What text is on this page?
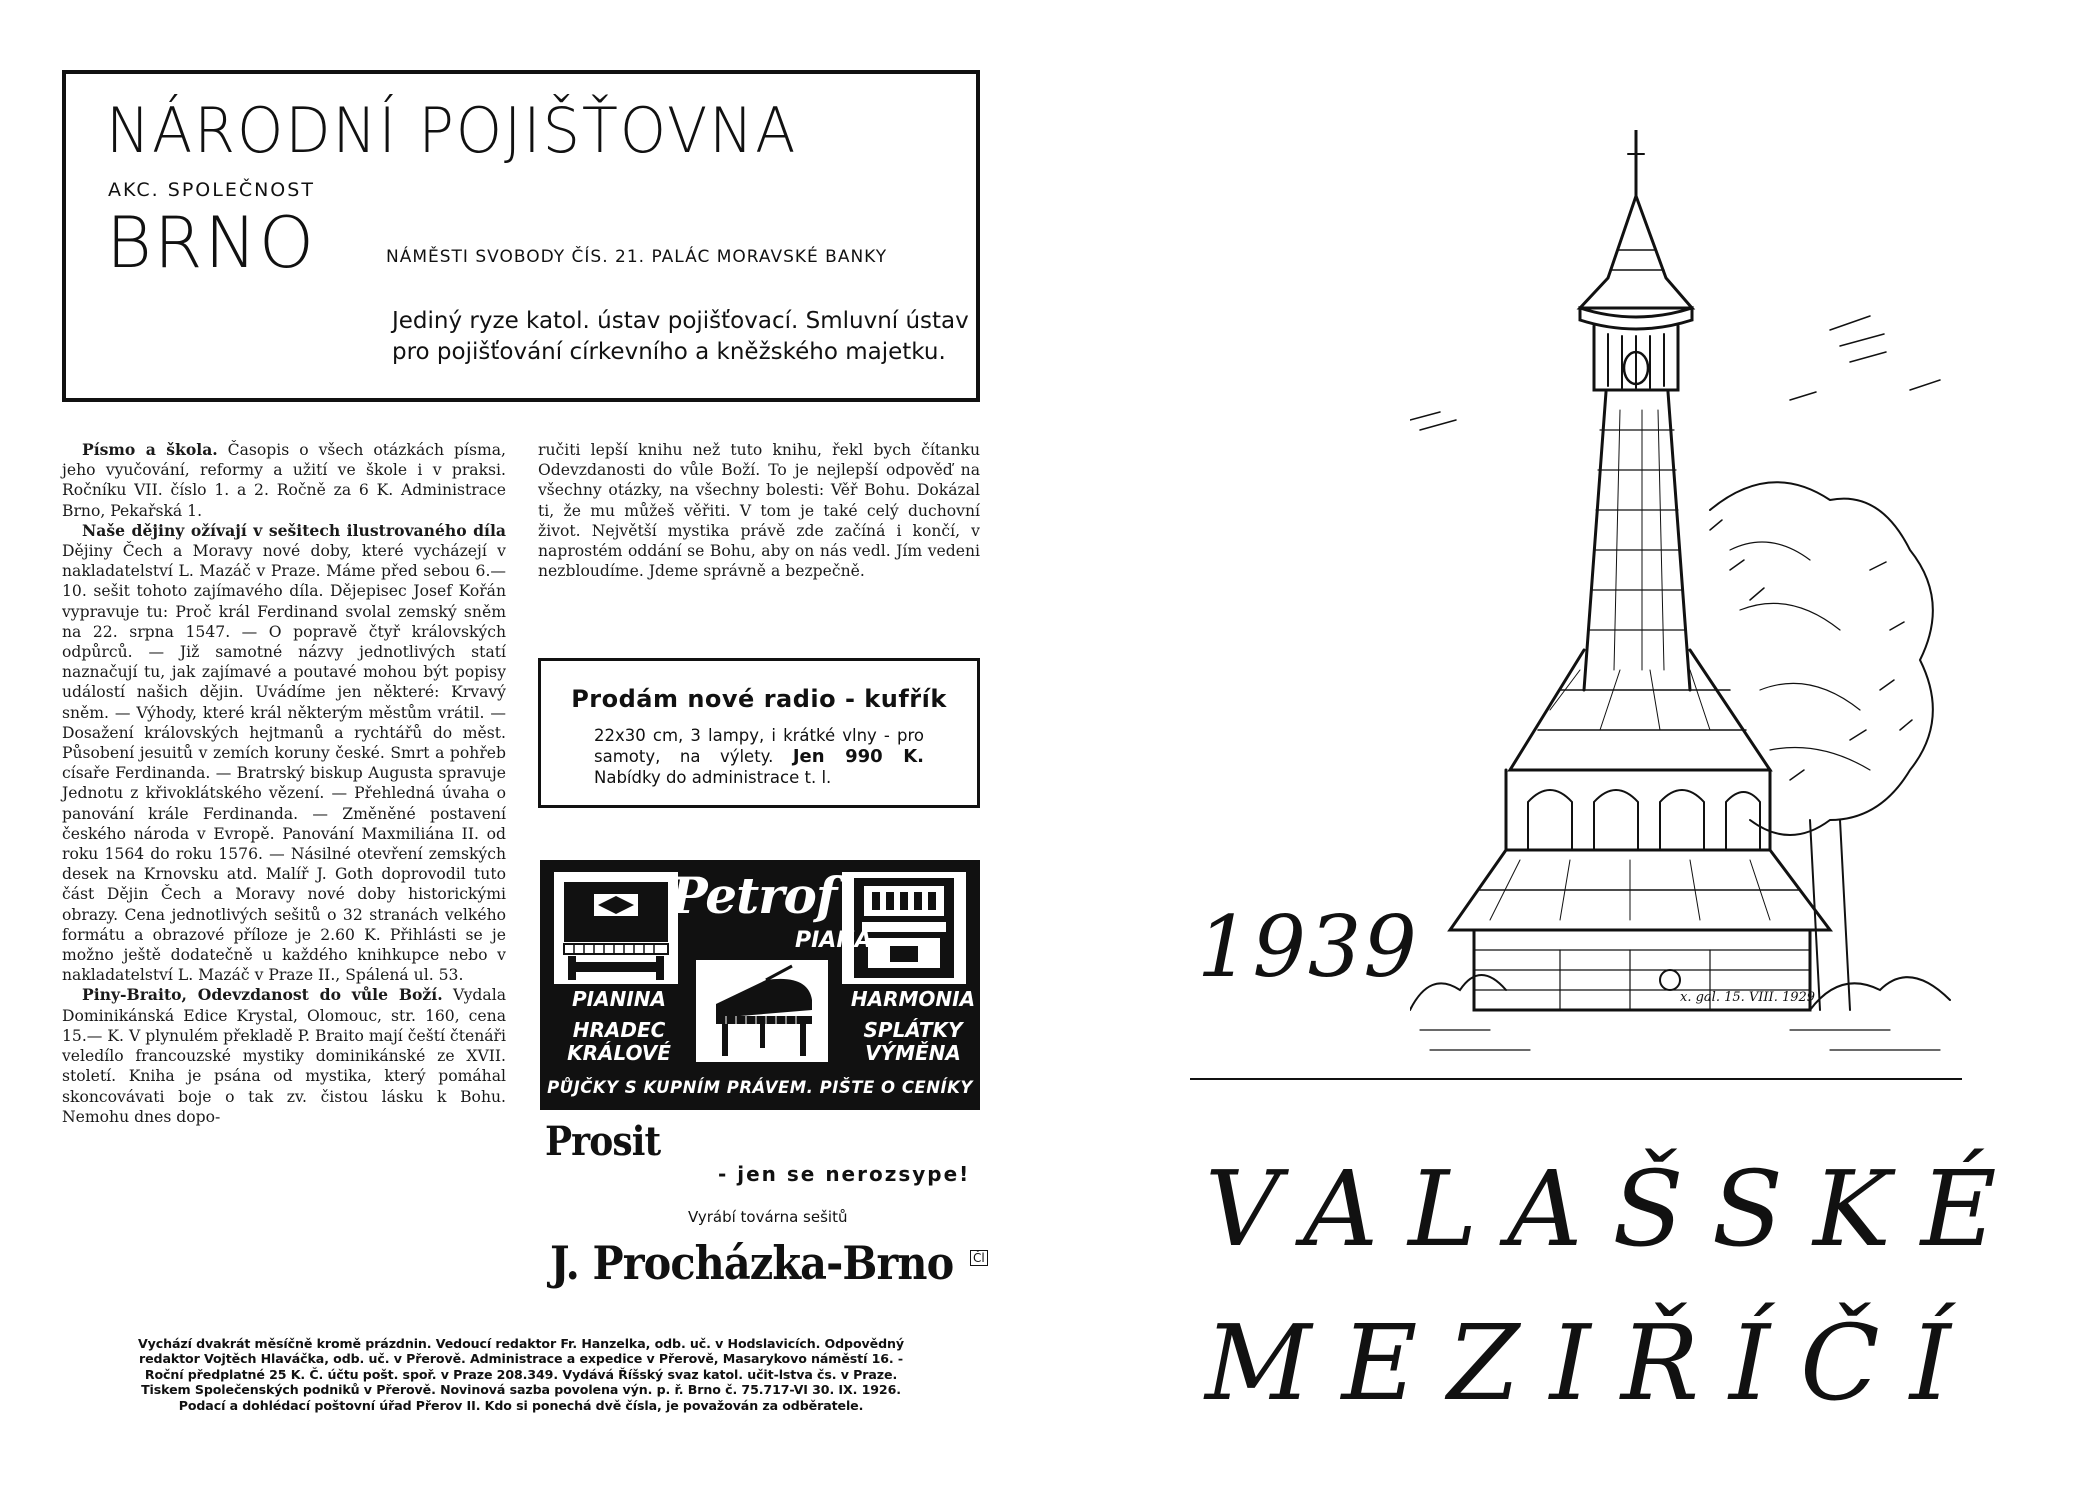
NÁRODNÍ POJIŠŤOVNA
AKC. SPOLEČNOST
BRNO	NÁMĚSTI SVOBODY ČÍS. 21. PALÁC MORAVSKÉ BANKY
Jediný ryze katol. ústav pojišťovací. Smluvní ústav
pro pojišťování církevního a kněžského majetku.

Písmo a škola. Časopis o všech otázkách písma, jeho vyučování, reformy a užití ve škole i v praksi. Ročníku VII. číslo 1. a 2. Ročně za 6 K. Administrace Brno, Pekařská 1.

Naše dějiny ožívají v sešitech ilustrovaného díla Dějiny Čech a Moravy nové doby, které vycházejí v nakladatelství L. Mazáč v Praze. Máme před sebou 6.—10. sešit tohoto zajímavého díla. Dějepisec Josef Kořán vypravuje tu: Proč král Ferdinand svolal zemský sněm na 22. srpna 1547. — O popravě čtyř královských odpůrců. — Již samotné názvy jednotlivých statí naznačují tu, jak zajímavé a poutavé mohou být popisy událostí našich dějin. Uvádíme jen některé: Krvavý sněm. — Výhody, které král některým městům vrátil. — Dosažení královských hejtmanů a rychtářů do měst. Působení jesuitů v zemích koruny české. Smrt a pohřeb císaře Ferdinanda. — Bratrský biskup Augusta spravuje Jednotu z křivoklátského vězení. — Přehledná úvaha o panování krále Ferdinanda. — Změněné postavení českého národa v Evropě. Panování Maxmiliána II. od roku 1564 do roku 1576. — Násilné otevření zemských desek na Krnovsku atd. Malíř J. Goth doprovodil tuto část Dějin Čech a Moravy nové doby historickými obrazy. Cena jednotlivých sešitů o 32 stranách velkého formátu a obrazové příloze je 2.60 K. Přihlásti se je možno ještě dodatečně u každého knihkupce nebo v nakladatelství L. Mazáč v Praze II., Spálená ul. 53.

Piny-Braito, Odevzdanost do vůle Boží. Vydala Dominikánská Edice Krystal, Olomouc, str. 160, cena 15.— K. V plynulém překladě P. Braito mají čeští čtenáři veledílo francouzské mystiky dominikánské ze XVII. století. Kniha je psána od mystika, který pomáhal skoncovávati boje o tak zv. čistou lásku k Bohu. Nemohu dnes dopo-

ručiti lepší knihu než tuto knihu, řekl bych čítanku Odevzdanosti do vůle Boží. To je nejlepší odpověď na všechny otázky, na všechny bolesti: Věř Bohu. Dokázal ti, že mu můžeš věřiti. V tom je také celý duchovní život. Největší mystika právě zde začíná i končí, v naprostém oddání se Bohu, aby on nás vedl. Jím vedeni nezbloudíme. Jdeme správně a bezpečně.

Prodám nové radio - kufřík
22x30 cm, 3 lampy, i krátké vlny - pro samoty, na výlety. Jen 990 K. Nabídky do administrace t. l.
Petrof
PIANA
PIANINA
HRADEC
KRÁLOVÉ
HARMONIA
SPLÁTKY
VÝMĚNA
PŮJČKY S KUPNÍM PRÁVEM. PIŠTE O CENÍKY
Prosit
- jen se nerozsype!
Vyrábí továrna sešitů
J. Procházka-Brno Čl
Vychází dvakrát měsíčně kromě prázdnin. Vedoucí redaktor Fr. Hanzelka, odb. uč. v Hodslavicích. Odpovědný
redaktor Vojtěch Hlaváčka, odb. uč. v Přerově. Administrace a expedice v Přerově, Masarykovo náměstí 16. -
Roční předplatné 25 K. Č. účtu pošt. spoř. v Praze 208.349. Vydává Říšský svaz katol. učit-lstva čs. v Praze.
Tiskem Společenských podniků v Přerově. Novinová sazba povolena výn. p. ř. Brno č. 75.717-VI 30. IX. 1926.
Podací a dohlédací poštovní úřad Přerov II. Kdo si ponechá dvě čísla, je považován za odběratele.
x. gal. 15. VIII. 1929
1939
VALAŠSKÉ
MEZIŘÍČÍ
